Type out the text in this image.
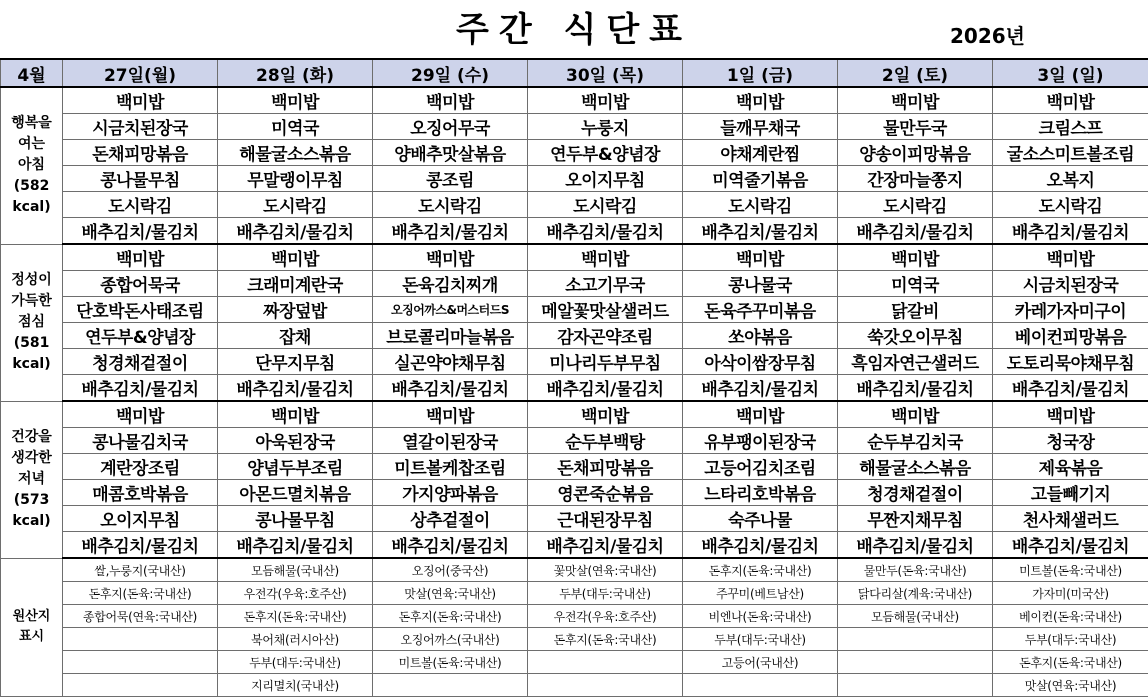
주간 식단표	2026년
4월	27일(월)	28일 (화)	29일 (수)	30일 (목)	1일 (금)	2일 (토)	3일 (일)

행복을
여는
아침
(582
kcal)	백미밥	백미밥	백미밥	백미밥	백미밥	백미밥	백미밥
	시금치된장국	미역국	오징어무국	누룽지	들깨무채국	물만두국	크림스프
	돈채피망볶음	해물굴소스볶음	양배추맛살볶음	연두부&양념장	야채계란찜	양송이피망볶음	굴소스미트볼조림
	콩나물무침	무말랭이무침	콩조림	오이지무침	미역줄기볶음	간장마늘쫑지	오복지
	도시락김	도시락김	도시락김	도시락김	도시락김	도시락김	도시락김
	배추김치/물김치	배추김치/물김치	배추김치/물김치	배추김치/물김치	배추김치/물김치	배추김치/물김치	배추김치/물김치

정성이
가득한
점심
(581
kcal)	백미밥	백미밥	백미밥	백미밥	백미밥	백미밥	백미밥
	종합어묵국	크래미계란국	돈육김치찌개	소고기무국	콩나물국	미역국	시금치된장국
	단호박돈사태조림	짜장덮밥	오징어까스&머스터드S	메알꽃맛살샐러드	돈육주꾸미볶음	닭갈비	카레가자미구이
	연두부&양념장	잡채	브로콜리마늘볶음	감자곤약조림	쏘야볶음	쑥갓오이무침	베이컨피망볶음
	청경채겉절이	단무지무침	실곤약야채무침	미나리두부무침	아삭이쌈장무침	흑임자연근샐러드	도토리묵야채무침
	배추김치/물김치	배추김치/물김치	배추김치/물김치	배추김치/물김치	배추김치/물김치	배추김치/물김치	배추김치/물김치

건강을
생각한
저녁
(573
kcal)	백미밥	백미밥	백미밥	백미밥	백미밥	백미밥	백미밥
	콩나물김치국	아욱된장국	열갈이된장국	순두부백탕	유부팽이된장국	순두부김치국	청국장
	계란장조림	양념두부조림	미트볼케찹조림	돈채피망볶음	고등어김치조림	해물굴소스볶음	제육볶음
	매콤호박볶음	아몬드멸치볶음	가지양파볶음	영콘죽순볶음	느타리호박볶음	청경채겉절이	고들빼기지
	오이지무침	콩나물무침	상추겉절이	근대된장무침	숙주나물	무짠지채무침	천사채샐러드
	배추김치/물김치	배추김치/물김치	배추김치/물김치	배추김치/물김치	배추김치/물김치	배추김치/물김치	배추김치/물김치

원산지
표시	쌀,누룽지(국내산)	모듬해물(국내산)	오징어(중국산)	꽃맛살(연육:국내산)	돈후지(돈육:국내산)	물만두(돈육:국내산)	미트볼(돈육:국내산)
	돈후지(돈육:국내산)	우전각(우육:호주산)	맛살(연육:국내산)	두부(대두:국내산)	주꾸미(베트남산)	닭다리살(계육:국내산)	가자미(미국산)
	종합어묵(연육:국내산)	돈후지(돈육:국내산)	돈후지(돈육:국내산)	우전각(우육:호주산)	비엔나(돈육:국내산)	모듬해물(국내산)	베이컨(돈육:국내산)
		북어채(러시아산)	오징어까스(국내산)	돈후지(돈육:국내산)	두부(대두:국내산)		두부(대두:국내산)
		두부(대두:국내산)	미트볼(돈육:국내산)		고등어(국내산)		돈후지(돈육:국내산)
		지리멸치(국내산)					맛살(연육:국내산)
